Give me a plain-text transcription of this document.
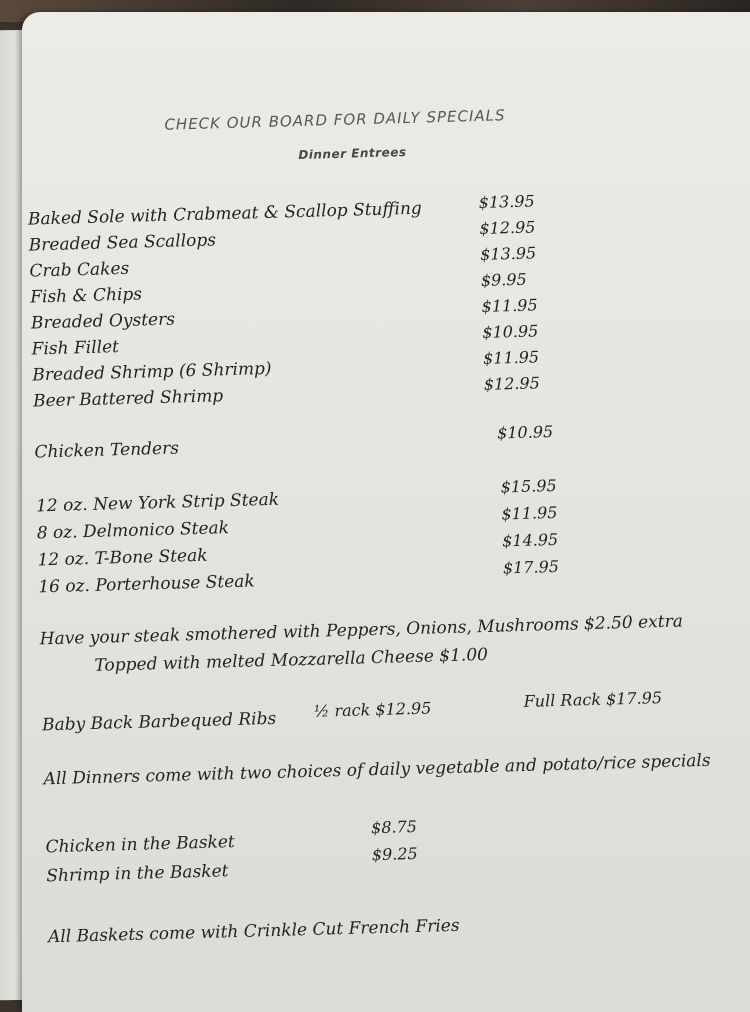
CHECK OUR BOARD FOR DAILY SPECIALS
Dinner Entrees
Baked Sole with Crabmeat & Scallop Stuffing	$13.95
Breaded Sea Scallops
$12.95
Crab Cakes
$13.95
Fish & Chips
$9.95
Breaded Oysters
$11.95
Fish Fillet
$10.95
Breaded Shrimp (6 Shrimp)
$11.95
Beer Battered Shrimp
$12.95
Chicken Tenders
$10.95
12 oz. New York Strip Steak
$15.95
8 oz. Delmonico Steak
$11.95
12 oz. T-Bone Steak
$14.95
16 oz. Porterhouse Steak
$17.95
Have your steak smothered with Peppers, Onions, Mushrooms $2.50 extra
Topped with melted Mozzarella Cheese $1.00
Baby Back Barbequed Ribs ½ rack $12.95	Full Rack $17.95
All Dinners come with two choices of daily vegetable and potato/rice specials
Chicken in the Basket
$8.75
Shrimp in the Basket
$9.25
All Baskets come with Crinkle Cut French Fries
